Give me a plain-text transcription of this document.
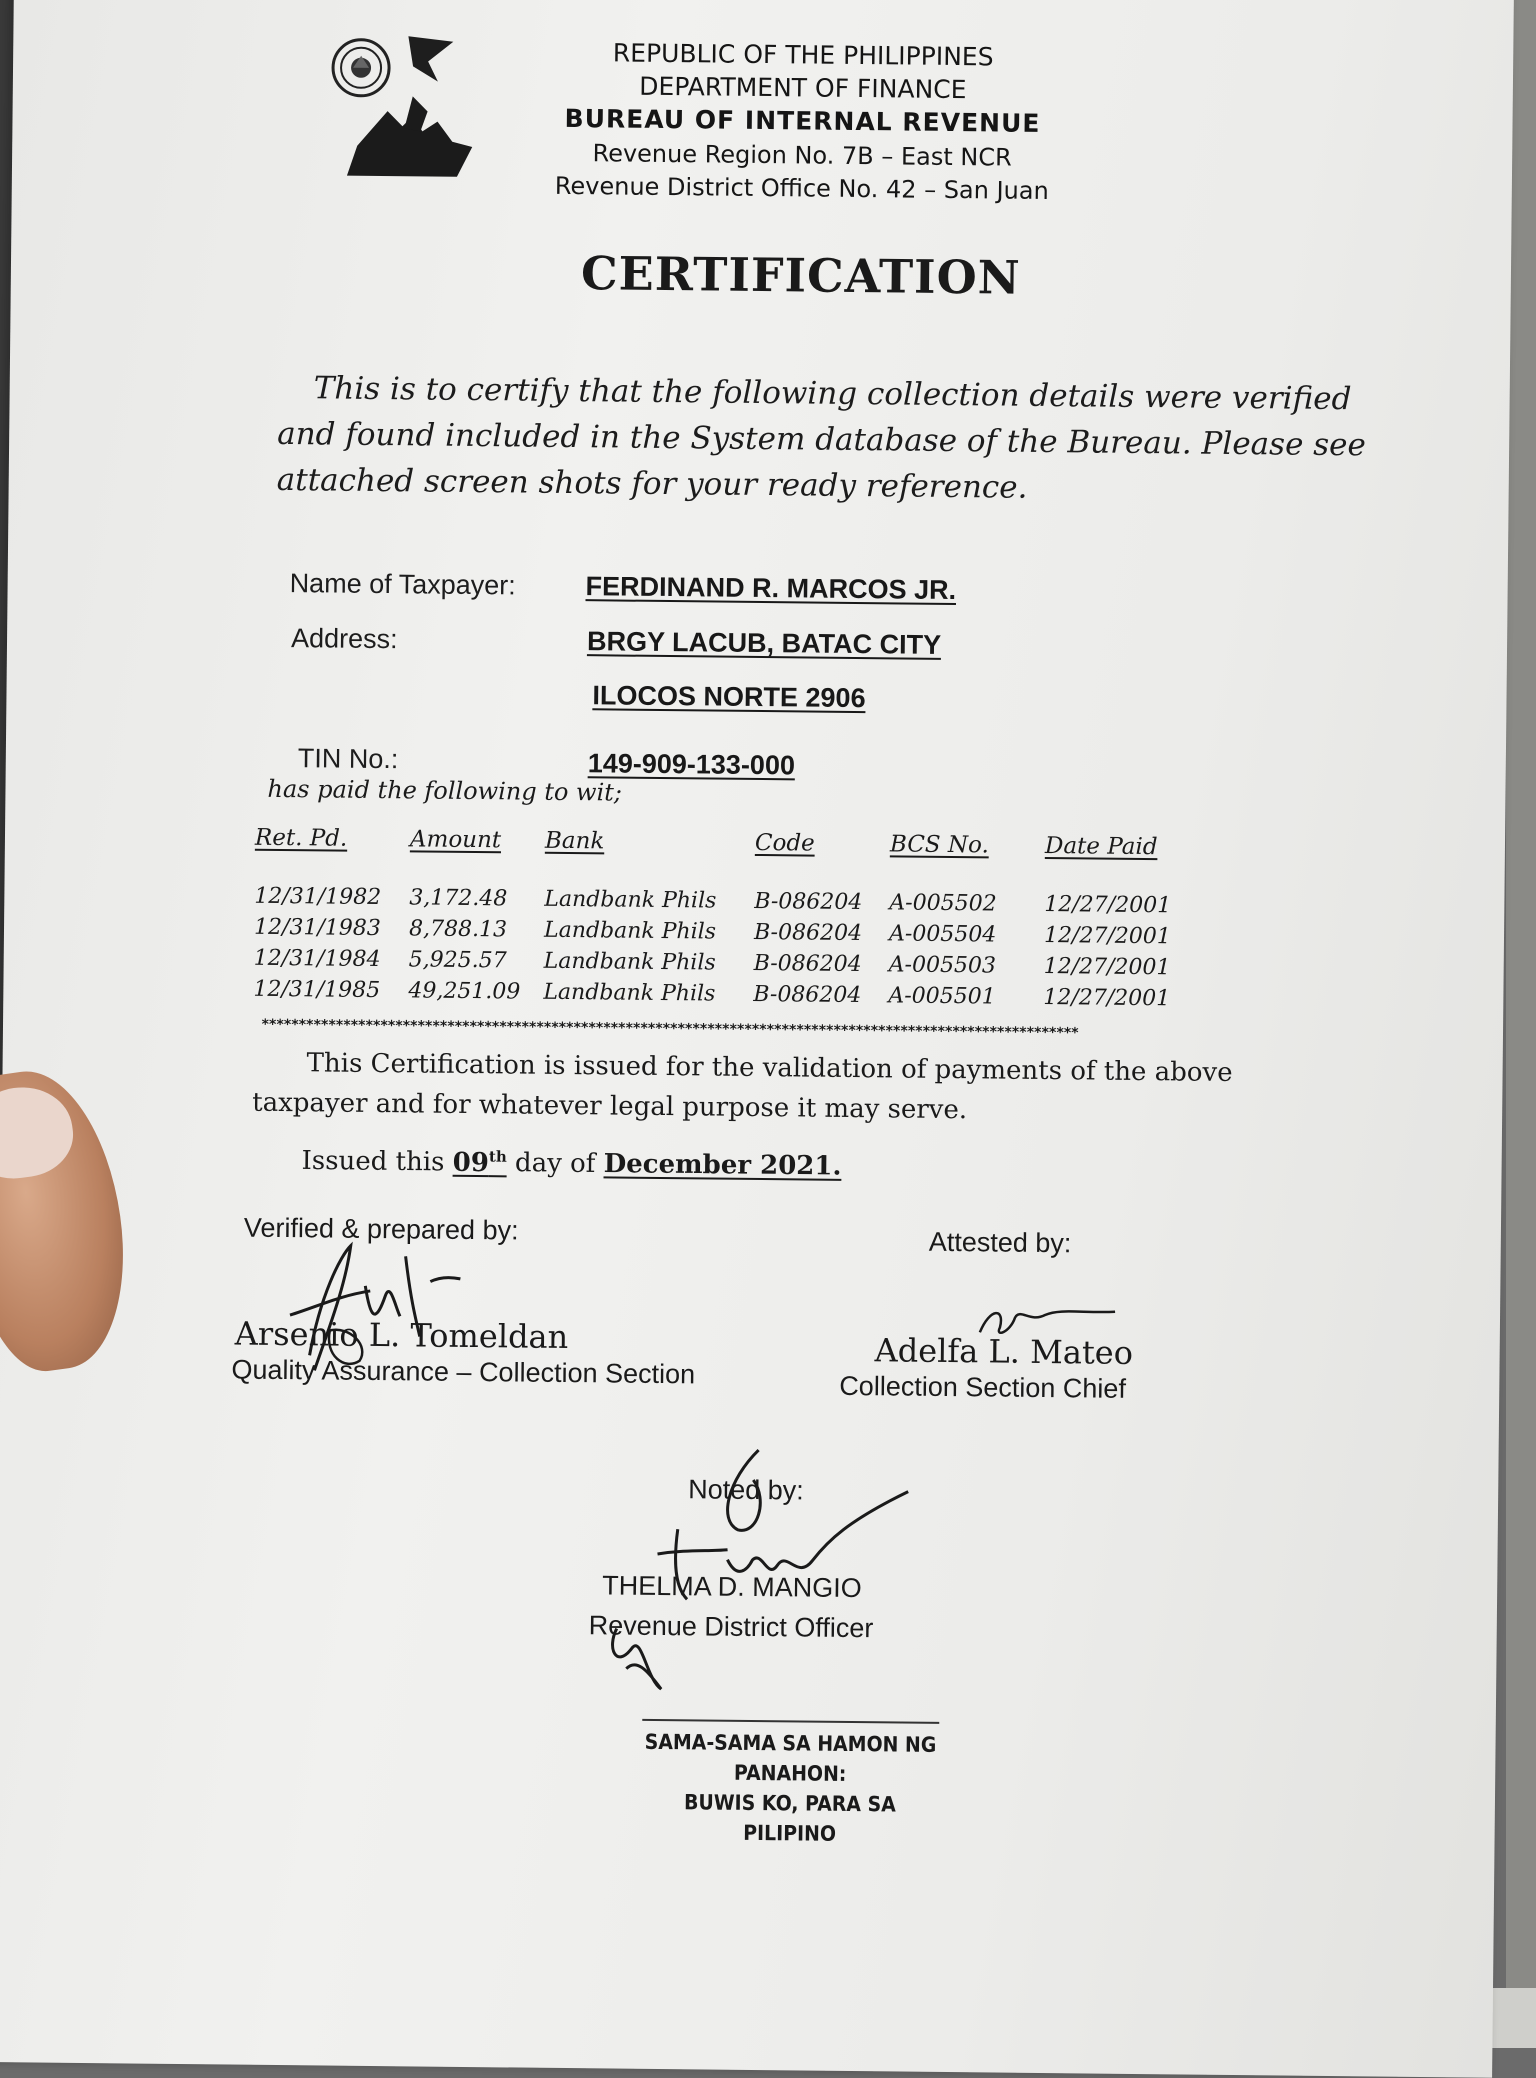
REPUBLIC OF THE PHILIPPINES
DEPARTMENT OF FINANCE
BUREAU OF INTERNAL REVENUE
Revenue Region No. 7B – East NCR
Revenue District Office No. 42 – San Juan
CERTIFICATION
This is to certify that the following collection details were verified and found included in the System database of the Bureau. Please see attached screen shots for your ready reference.
Name of Taxpayer:	FERDINAND R. MARCOS JR.
Address:	BRGY LACUB, BATAC CITY
ILOCOS NORTE 2906
TIN No.:	149-909-133-000
has paid the following to wit;
Ret. Pd.	Amount	Bank	Code	BCS No.	Date Paid
12/31/1982	3,172.48	Landbank Phils	B-086204	A-005502	12/27/2001
12/31/1983	8,788.13	Landbank Phils	B-086204	A-005504	12/27/2001
12/31/1984	5,925.57	Landbank Phils	B-086204	A-005503	12/27/2001
12/31/1985	49,251.09	Landbank Phils	B-086204	A-005501	12/27/2001
**************************************************************************************************************
This Certification is issued for the validation of payments of the above taxpayer and for whatever legal purpose it may serve.
Issued this 09th day of December 2021.
Verified & prepared by:
Arsenio L. Tomeldan
Quality Assurance – Collection Section
Attested by:
Adelfa L. Mateo
Collection Section Chief
Noted by:
THELMA D. MANGIO
Revenue District Officer
SAMA-SAMA SA HAMON NG PANAHON:
BUWIS KO, PARA SA PILIPINO
